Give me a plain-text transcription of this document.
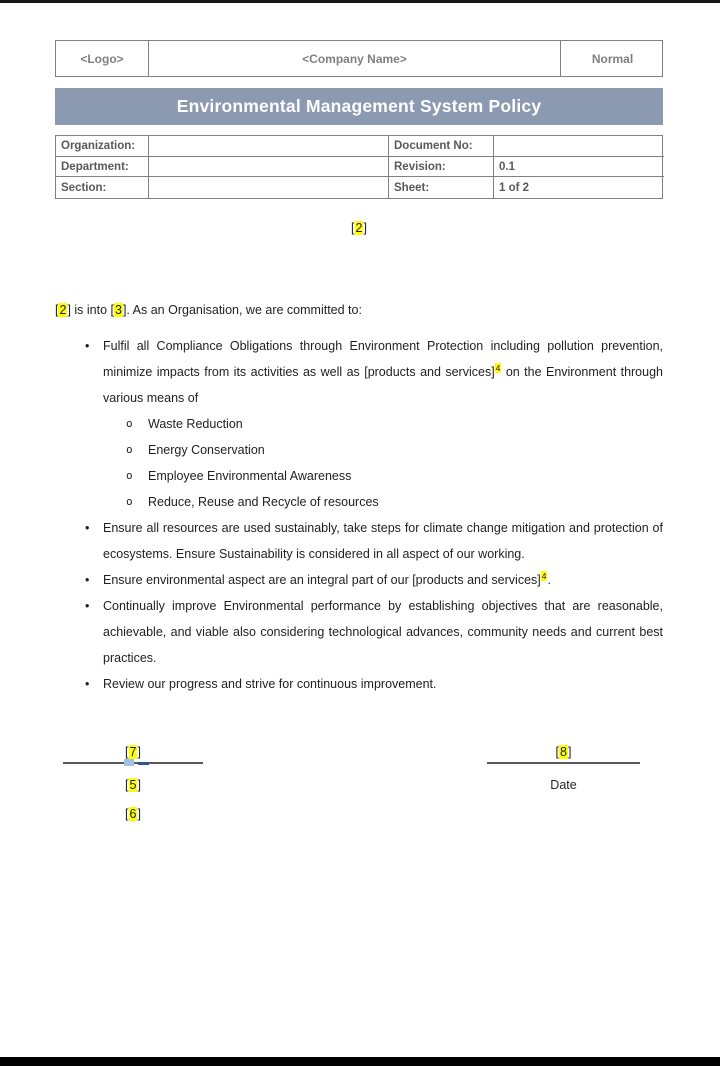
<Logo>	<Company Name>	Normal
Environmental Management System Policy
Organization:	Document No:
Department:	Revision:	0.1
Section:	Sheet:	1 of 2
[2]

[2] is into [3]. As an Organisation, we are committed to:

• Fulfil all Compliance Obligations through Environment Protection including pollution prevention, minimize impacts from its activities as well as [products and services]$^4$ on the Environment through various means of
o Waste Reduction
o Energy Conservation
o Employee Environmental Awareness
o Reduce, Reuse and Recycle of resources
• Ensure all resources are used sustainably, take steps for climate change mitigation and protection of ecosystems. Ensure Sustainability is considered in all aspect of our working.
• Ensure environmental aspect are an integral part of our [products and services]$^4$.
• Continually improve Environmental performance by establishing objectives that are reasonable, achievable, and viable also considering technological advances, community needs and current best practices.
• Review our progress and strive for continuous improvement.
[7]
[5]
[6]
[8]
Date
